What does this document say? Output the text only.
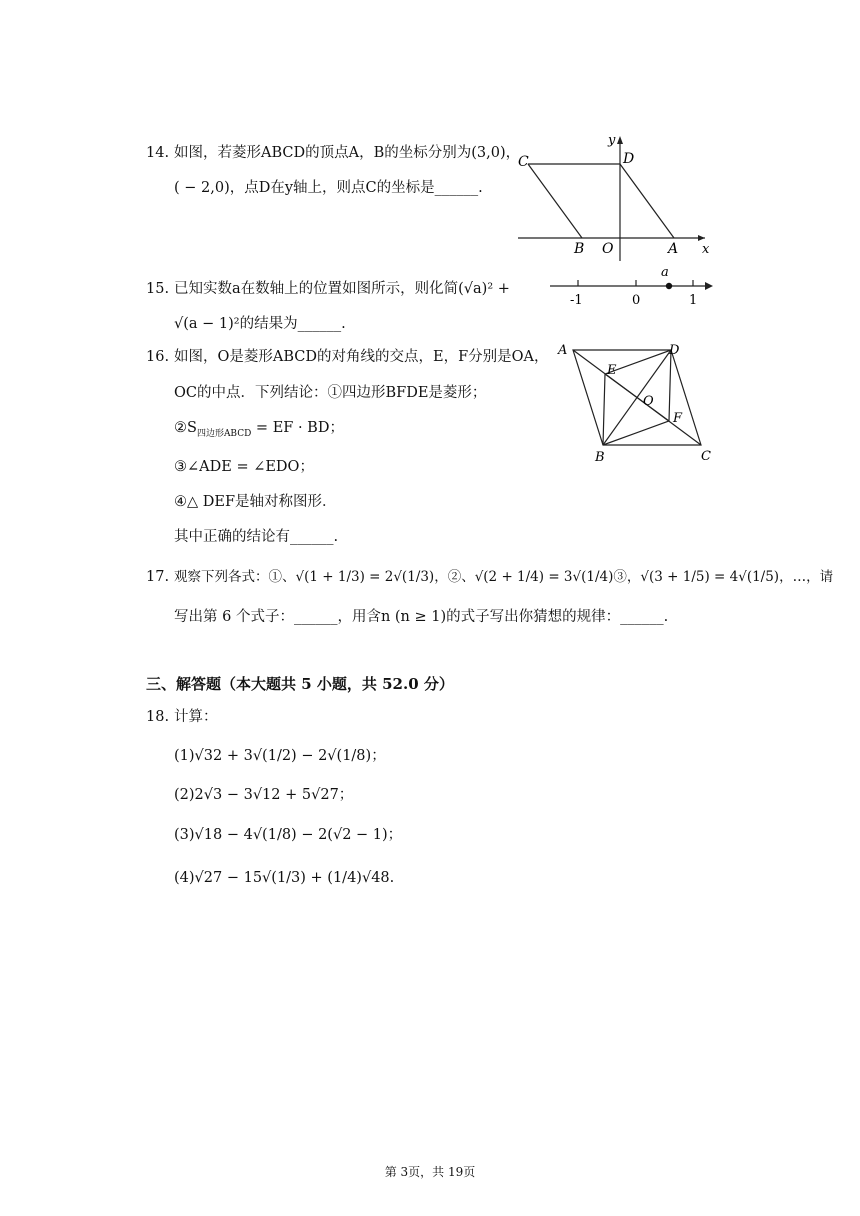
14. 如图，若菱形ABCD的顶点A，B的坐标分别为(3,0)，
( − 2,0)，点D在y轴上，则点C的坐标是______.
C	D
B O	A x
y
15. 已知实数a在数轴上的位置如图所示，则化简(√a)² +
√(a − 1)²的结果为______.
a
-1	0	1
16. 如图，O是菱形ABCD的对角线的交点，E，F分别是OA，
OC的中点．下列结论：①四边形BFDE是菱形；
$②S_{四边形ABCD}$ = EF · BD；
③∠ADE = ∠EDO；
④△ DEF是轴对称图形．
其中正确的结论有______.
A	D
E
O
F
B	C
17. 观察下列各式：①、√(1 + 1/3) = 2√(1/3)，②、√(2 + 1/4) = 3√(1/4)③，√(3 + 1/5) = 4√(1/5)，…，请
写出第 6 个式子：______，用含n (n ≥ 1)的式子写出你猜想的规律：______.
三、解答题（本大题共 5 小题，共 52.0 分）
18. 计算：
(1)√32 + 3√(1/2) − 2√(1/8)；
(2)2√3 − 3√12 + 5√27；
(3)√18 − 4√(1/8) − 2(√2 − 1)；
(4)√27 − 15√(1/3) + (1/4)√48.
第 3页，共 19页
